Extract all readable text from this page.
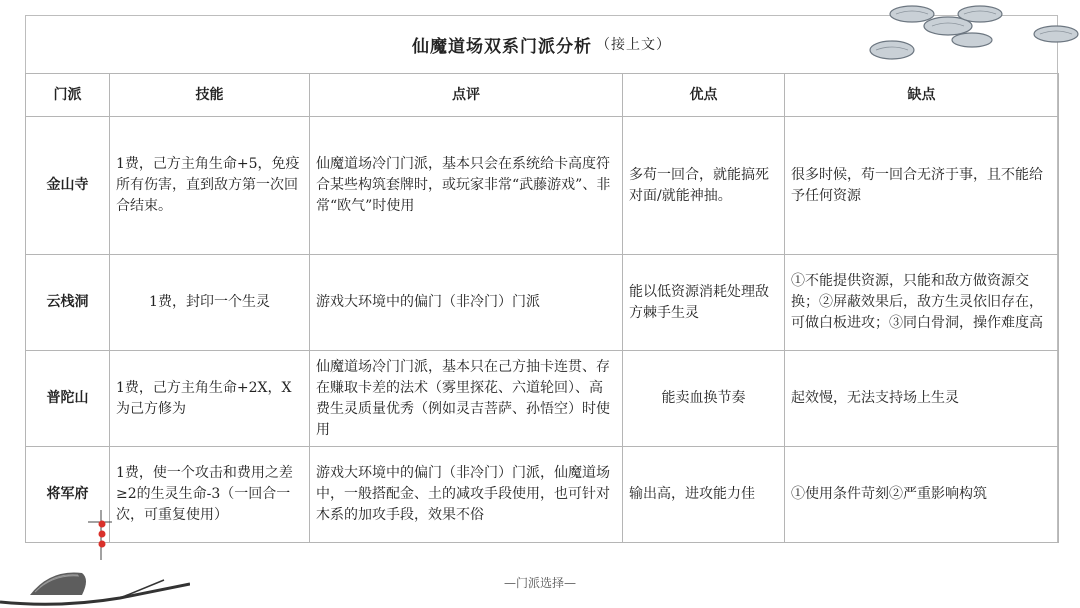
仙魔道场双系门派分析 （接上文）
门派	技能	点评	优点	缺点
金山寺	1费，己方主角生命+5，免疫所有伤害，直到敌方第一次回合结束。	仙魔道场冷门门派，基本只会在系统给卡高度符合某些构筑套牌时，或玩家非常“武藤游戏”、非常“欧气”时使用	多苟一回合，就能搞死对面/就能神抽。	很多时候，苟一回合无济于事，且不能给予任何资源
云栈洞	1费，封印一个生灵	游戏大环境中的偏门（非冷门）门派	能以低资源消耗处理敌方棘手生灵	①不能提供资源，只能和敌方做资源交换；②屏蔽效果后，敌方生灵依旧存在，可做白板进攻；③同白骨洞，操作难度高
普陀山	1费，己方主角生命+2X，X为己方修为	仙魔道场冷门门派，基本只在己方抽卡连贯、存在赚取卡差的法术（雾里探花、六道轮回）、高费生灵质量优秀（例如灵吉菩萨、孙悟空）时使用	能卖血换节奏	起效慢，无法支持场上生灵
将军府	1费，使一个攻击和费用之差≥2的生灵生命-3（一回合一次，可重复使用）	游戏大环境中的偏门（非冷门）门派，仙魔道场中，一般搭配金、土的减攻手段使用，也可针对木系的加攻手段，效果不俗	输出高，进攻能力佳	①使用条件苛刻②严重影响构筑
—门派选择—
